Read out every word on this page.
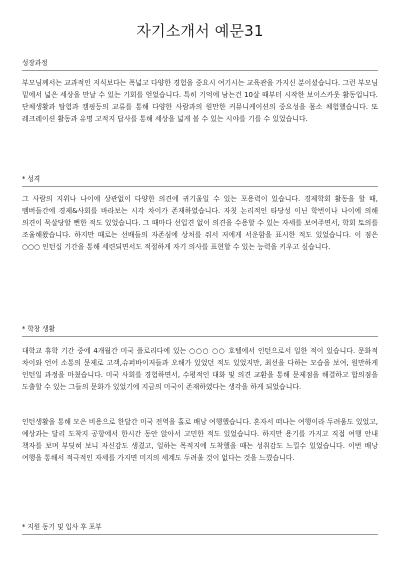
자기소개서 예문31
성장과정

부모님께서는 교과적인 지식보다는 폭넓고 다양한 경험을 중요시 여기시는 교육관을 가지신 분이셨습니다. 그런 부모님 밑에서 넓은 세상을 만날 수 있는 기회를 얻었습니다. 특히 기억에 남는건 10살 때부터 시작한 보이스카웃 활동입니다. 단체생활과 탐험과 캠핑등의 교류를 통해 다양한 사람과의 원만한 커뮤니케이션의 중요성을 몸소 체험했습니다. 또 레크레이션 활동과 유명 고적지 답사를 통해 세상을 넓게 볼 수 있는 시야를 기를 수 있었습니다.

* 성격

그 사람의 지위나 나이에 상관없이 다양한 의견에 귀기울일 수 있는 포용력이 있습니다. 경제학회 활동을 할 때, 멤버들간에 경제&사회를 바라보는 시각 차이가 존재하였습니다. 자칫 논리적인 타당성 이닌 학번이나 나이에 의해 의견이 묵살당할 뻔한 적도 있었습니다. 그 때마다 선입견 없이 의견을 수용할 수 있는 자세를 보여주면서, 학회 토의를 조율해왔습니다. 하지만 때로는 선배들의 자존심에 상처를 줘서 저에게 서운함을 표시한 적도 있었습니다. 이 점은 ○○○ 인턴십 기간을 통해 세련되면서도 적절하게 자기 의사를 표현할 수 있는 능력을 키우고 싶습니다.

* 학창 생활

대학교 휴학 기간 중에 4개월간 미국 플로리다에 있는 ○○○ ○○ 호텔에서 인턴으로서 일한 적이 있습니다. 문화적 차이와 언어 소통의 문제로 고객,슈퍼바이저들과 오해가 있었던 적도 있었지만, 최선을 다하는 모습을 보여, 원만하게 인턴일 과정을 마쳤습니다. 미국 사회를 경험하면서, 수평적인 대화 및 의견 교환을 통해 문제점을 해결하고 합의점을 도출할 수 있는 그들의 문화가 있었기에 지금의 미국이 존재하였다는 생각을 하게 되었습니다.

인턴생활을 통해 모은 비용으로 한달간 미국 전역을 홀로 배낭 여행했습니다. 혼자서 떠나는 여행이라 두려움도 있었고, 예상과는 달리 도착지 공항에서 한시간 동안 앉아서 고민한 적도 있었습니다. 하지만 용기를 가지고 직접 여행 안내 책자를 보며 부딪혀 보니 자신감도 생겼고, 일하는 목적지에 도착했을 때는 성취감도 느낄수 있었습니다. 이번 배낭 여행을 통해서 적극적인 자세를 가지면 미지의 세계도 두려울 것이 없다는 것을 느꼈습니다.

* 지원 동기 및 입사 후 포부
